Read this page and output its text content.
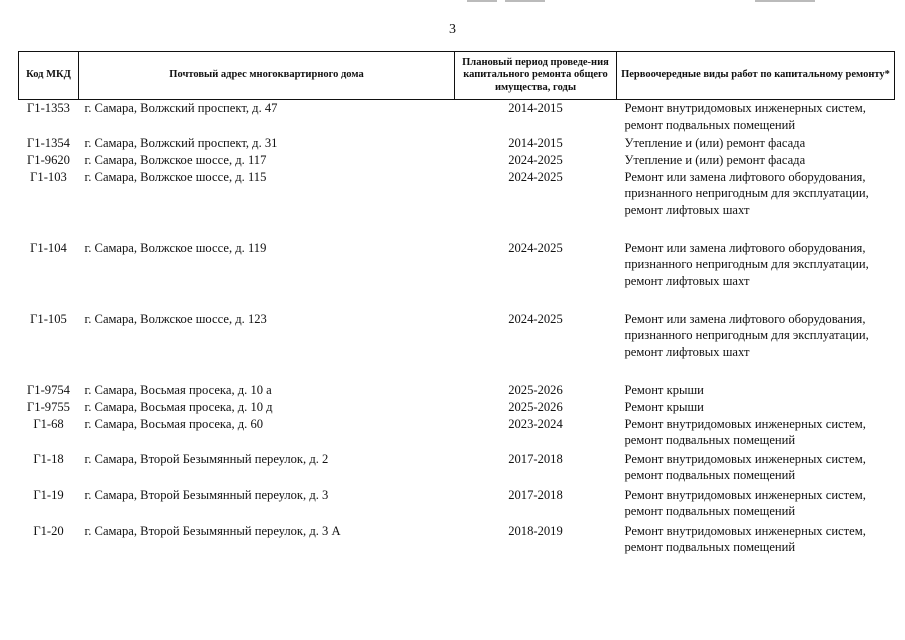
3
Код МКД	Почтовый адрес многоквартирного дома	Плановый период проведе-ния капитального ремонта общего имущества, годы	Первоочередные виды работ по капитальному ремонту*
Г1-1353	г. Самара, Волжский проспект, д. 47	2014-2015	Ремонт внутридомовых инженерных систем,
ремонт подвальных помещений

Г1-1354	г. Самара, Волжский проспект, д. 31	2014-2015	Утепление и (или) ремонт фасада

Г1-9620	г. Самара, Волжское шоссе, д. 117	2024-2025	Утепление и (или) ремонт фасада

Г1-103	г. Самара, Волжское шоссе, д. 115	2024-2025	Ремонт или замена лифтового оборудования,
признанного непригодным для эксплуатации,
ремонт лифтовых шахт

Г1-104	г. Самара, Волжское шоссе, д. 119	2024-2025	Ремонт или замена лифтового оборудования,
признанного непригодным для эксплуатации,
ремонт лифтовых шахт

Г1-105	г. Самара, Волжское шоссе, д. 123	2024-2025	Ремонт или замена лифтового оборудования,
признанного непригодным для эксплуатации,
ремонт лифтовых шахт

Г1-9754	г. Самара, Восьмая просека, д. 10 а	2025-2026	Ремонт крыши

Г1-9755	г. Самара, Восьмая просека, д. 10 д	2025-2026	Ремонт крыши

Г1-68	г. Самара, Восьмая просека, д. 60	2023-2024	Ремонт внутридомовых инженерных систем,
ремонт подвальных помещений

Г1-18	г. Самара, Второй Безымянный переулок, д. 2	2017-2018	Ремонт внутридомовых инженерных систем,
ремонт подвальных помещений

Г1-19	г. Самара, Второй Безымянный переулок, д. 3	2017-2018	Ремонт внутридомовых инженерных систем,
ремонт подвальных помещений

Г1-20	г. Самара, Второй Безымянный переулок, д. 3 А	2018-2019	Ремонт внутридомовых инженерных систем,
ремонт подвальных помещений
